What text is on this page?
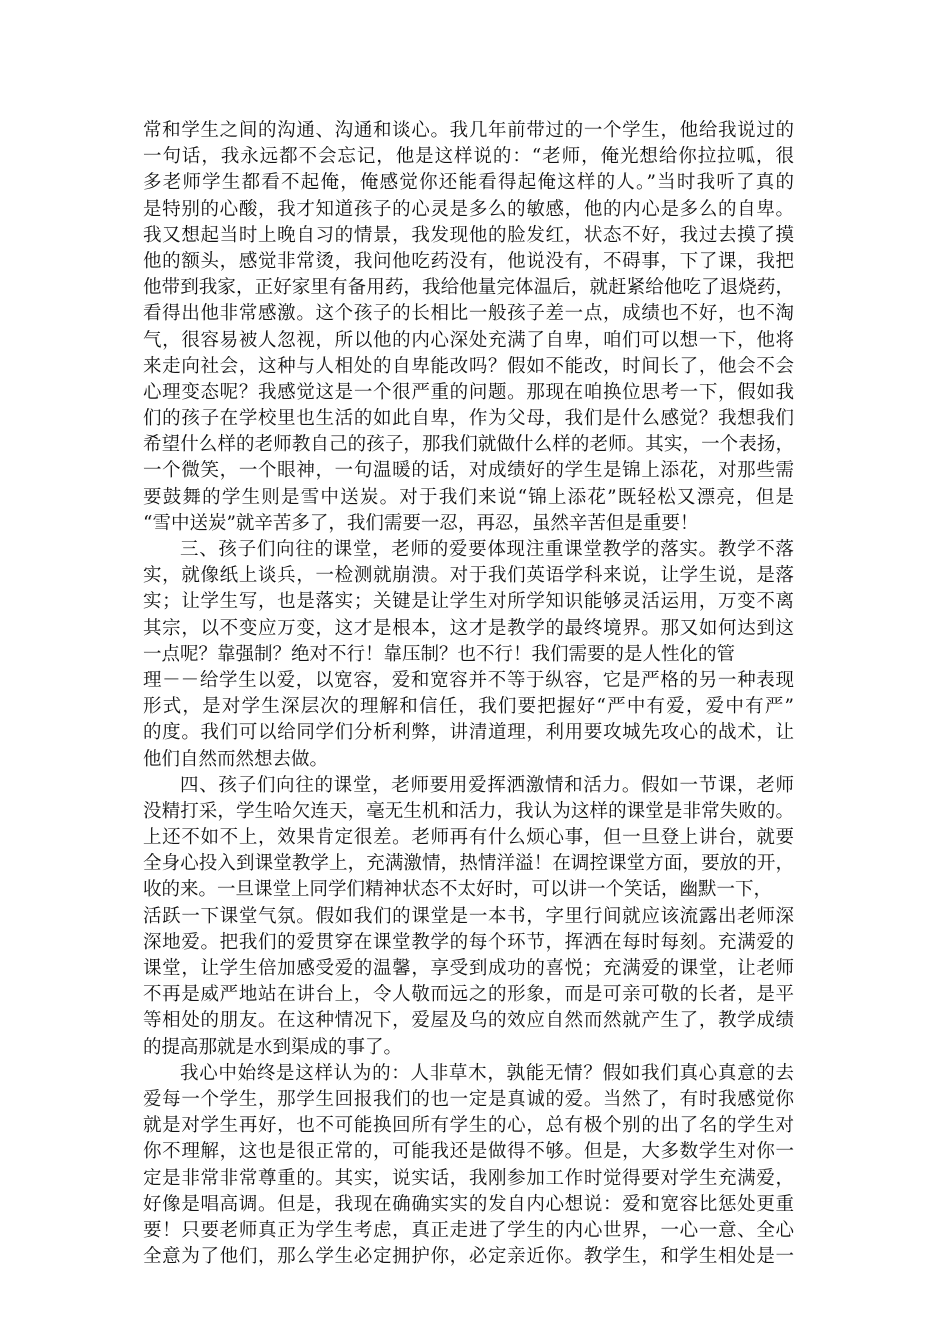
常和学生之间的沟通、沟通和谈心。我几年前带过的一个学生，他给我说过的
一句话，我永远都不会忘记，他是这样说的：“老师，俺光想给你拉拉呱，很
多老师学生都看不起俺，俺感觉你还能看得起俺这样的人。”当时我听了真的
是特别的心酸，我才知道孩子的心灵是多么的敏感，他的内心是多么的自卑。
我又想起当时上晚自习的情景，我发现他的脸发红，状态不好，我过去摸了摸
他的额头，感觉非常烫，我问他吃药没有，他说没有，不碍事，下了课，我把
他带到我家，正好家里有备用药，我给他量完体温后，就赶紧给他吃了退烧药，
看得出他非常感激。这个孩子的长相比一般孩子差一点，成绩也不好，也不淘
气，很容易被人忽视，所以他的内心深处充满了自卑，咱们可以想一下，他将
来走向社会，这种与人相处的自卑能改吗？假如不能改，时间长了，他会不会
心理变态呢？我感觉这是一个很严重的问题。那现在咱换位思考一下，假如我
们的孩子在学校里也生活的如此自卑，作为父母，我们是什么感觉？我想我们
希望什么样的老师教自己的孩子，那我们就做什么样的老师。其实，一个表扬，
一个微笑，一个眼神，一句温暖的话，对成绩好的学生是锦上添花，对那些需
要鼓舞的学生则是雪中送炭。对于我们来说“锦上添花”既轻松又漂亮，但是
“雪中送炭”就辛苦多了，我们需要一忍，再忍，虽然辛苦但是重要！
三、孩子们向往的课堂，老师的爱要体现注重课堂教学的落实。教学不落
实，就像纸上谈兵，一检测就崩溃。对于我们英语学科来说，让学生说，是落
实；让学生写，也是落实；关键是让学生对所学知识能够灵活运用，万变不离
其宗，以不变应万变，这才是根本，这才是教学的最终境界。那又如何达到这
一点呢？靠强制？绝对不行！靠压制？也不行！我们需要的是人性化的管
理－－给学生以爱，以宽容，爱和宽容并不等于纵容，它是严格的另一种表现
形式，是对学生深层次的理解和信任，我们要把握好“严中有爱，爱中有严”
的度。我们可以给同学们分析利弊，讲清道理，利用要攻城先攻心的战术，让
他们自然而然想去做。
四、孩子们向往的课堂，老师要用爱挥洒激情和活力。假如一节课，老师
没精打采，学生哈欠连天，毫无生机和活力，我认为这样的课堂是非常失败的。
上还不如不上，效果肯定很差。老师再有什么烦心事，但一旦登上讲台，就要
全身心投入到课堂教学上，充满激情，热情洋溢！在调控课堂方面，要放的开，
收的来。一旦课堂上同学们精神状态不太好时，可以讲一个笑话，幽默一下，
活跃一下课堂气氛。假如我们的课堂是一本书，字里行间就应该流露出老师深
深地爱。把我们的爱贯穿在课堂教学的每个环节，挥洒在每时每刻。充满爱的
课堂，让学生倍加感受爱的温馨，享受到成功的喜悦；充满爱的课堂，让老师
不再是威严地站在讲台上，令人敬而远之的形象，而是可亲可敬的长者，是平
等相处的朋友。在这种情况下，爱屋及乌的效应自然而然就产生了，教学成绩
的提高那就是水到渠成的事了。
我心中始终是这样认为的：人非草木，孰能无情？假如我们真心真意的去
爱每一个学生，那学生回报我们的也一定是真诚的爱。当然了，有时我感觉你
就是对学生再好，也不可能换回所有学生的心，总有极个别的出了名的学生对
你不理解，这也是很正常的，可能我还是做得不够。但是，大多数学生对你一
定是非常非常尊重的。其实，说实话，我刚参加工作时觉得要对学生充满爱，
好像是唱高调。但是，我现在确确实实的发自内心想说：爱和宽容比惩处更重
要！只要老师真正为学生考虑，真正走进了学生的内心世界，一心一意、全心
全意为了他们，那么学生必定拥护你，必定亲近你。教学生，和学生相处是一
